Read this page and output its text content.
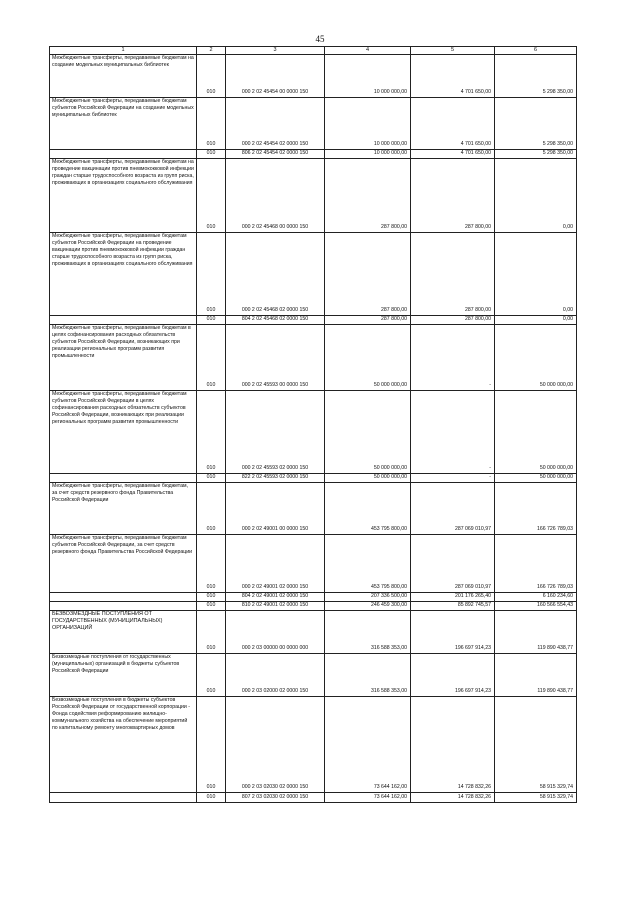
45
1	2	3	4	5	6
Межбюджетные трансферты, передаваемые бюджетам на создание модельных муниципальных библиотек	010	000 2 02 45454 00 0000 150	10 000 000,00	4 701 650,00	5 298 350,00
Межбюджетные трансферты, передаваемые бюджетам субъектов Российской Федерации на создание модельных муниципальных библиотек	010	000 2 02 45454 02 0000 150	10 000 000,00	4 701 650,00	5 298 350,00
	010	806 2 02 45454 02 0000 150	10 000 000,00	4 701 650,00	5 298 350,00
Межбюджетные трансферты, передаваемые бюджетам на проведение вакцинации против пневмококковой инфекции граждан старше трудоспособного возраста из групп риска, проживающих в организациях социального обслуживания	010	000 2 02 45468 00 0000 150	287 800,00	287 800,00	0,00
Межбюджетные трансферты, передаваемые бюджетам субъектов Российской Федерации на проведение вакцинации против пневмококковой инфекции граждан старше трудоспособного возраста из групп риска, проживающих в организациях социального обслуживания	010	000 2 02 45468 02 0000 150	287 800,00	287 800,00	0,00
	010	804 2 02 45468 02 0000 150	287 800,00	287 800,00	0,00
Межбюджетные трансферты, передаваемые бюджетам в целях софинансирования расходных обязательств субъектов Российской Федерации, возникающих при реализации региональных программ развития промышленности	010	000 2 02 45593 00 0000 150	50 000 000,00	-	50 000 000,00
Межбюджетные трансферты, передаваемые бюджетам субъектов Российской Федерации в целях софинансирования расходных обязательств субъектов Российской Федерации, возникающих при реализации региональных программ развития промышленности	010	000 2 02 45593 02 0000 150	50 000 000,00	-	50 000 000,00
	010	822 2 02 45593 02 0000 150	50 000 000,00	-	50 000 000,00
Межбюджетные трансферты, передаваемые бюджетам, за счет средств резервного фонда Правительства Российской Федерации	010	000 2 02 49001 00 0000 150	453 795 800,00	287 069 010,97	166 726 789,03
Межбюджетные трансферты, передаваемые бюджетам субъектов Российской Федерации, за счет средств резервного фонда Правительства Российской Федерации	010	000 2 02 49001 02 0000 150	453 795 800,00	287 069 010,97	166 726 789,03
	010	804 2 02 49001 02 0000 150	207 336 500,00	201 176 265,40	6 160 234,60
	010	810 2 02 49001 02 0000 150	246 459 300,00	85 892 745,57	160 566 554,43
БЕЗВОЗМЕЗДНЫЕ ПОСТУПЛЕНИЯ ОТ ГОСУДАРСТВЕННЫХ (МУНИЦИПАЛЬНЫХ) ОРГАНИЗАЦИЙ	010	000 2 03 00000 00 0000 000	316 588 353,00	196 697 914,23	119 890 438,77
Безвозмездные поступления от государственных (муниципальных) организаций в бюджеты субъектов Российской Федерации	010	000 2 03 02000 02 0000 150	316 588 353,00	196 697 914,23	119 890 438,77
Безвозмездные поступления в бюджеты субъектов Российской Федерации от государственной корпорации - Фонда содействия реформированию жилищно-коммунального хозяйства на обеспечение мероприятий по капитальному ремонту многоквартирных домов	010	000 2 03 02030 02 0000 150	73 644 162,00	14 728 832,26	58 915 329,74
	010	807 2 03 02030 02 0000 150	73 644 162,00	14 728 832,26	58 915 329,74
